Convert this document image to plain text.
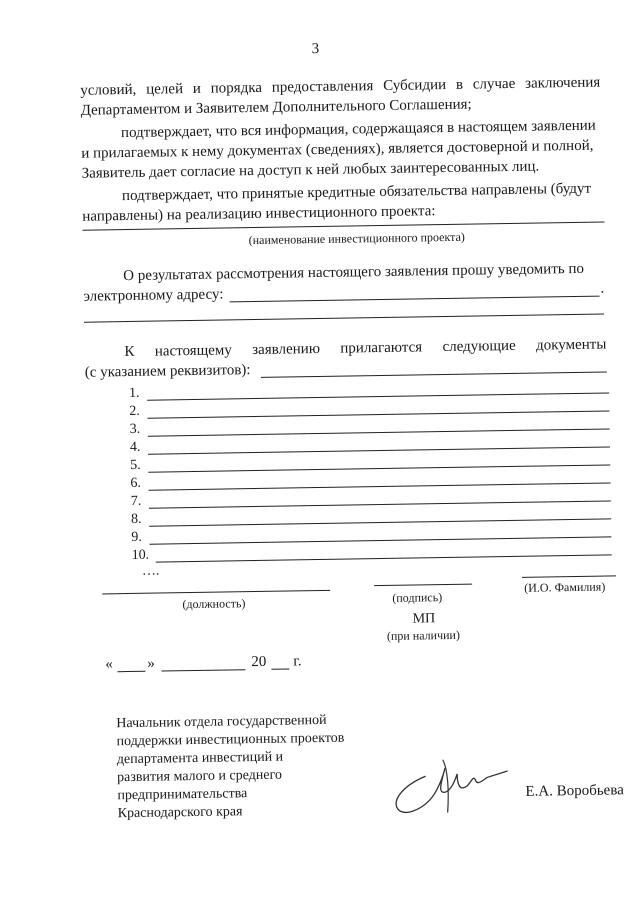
3
условий, целей и порядка предоставления Субсидии в случае заключения
Департаментом и Заявителем Дополнительного Соглашения;
подтверждает, что вся информация, содержащаяся в настоящем заявлении
и прилагаемых к нему документах (сведениях), является достоверной и полной,
Заявитель дает согласие на доступ к ней любых заинтересованных лиц.
подтверждает, что принятые кредитные обязательства направлены (будут
направлены) на реализацию инвестиционного проекта:
(наименование инвестиционного проекта)
О результатах рассмотрения настоящего заявления прошу уведомить по
электронному адресу:	.
К настоящему заявлению прилагаются следующие документы
(с указанием реквизитов):
1.
2.
3.
4.
5.
6.
7.
8.
9.
10.
….
(должность)	(подпись)
(И.О. Фамилия)
МП
(при наличии)
« »	20 г.
Начальник отдела государственной
поддержки инвестиционных проектов
департамента инвестиций и
развития малого и среднего
предпринимательства
Краснодарского края
Е.А. Воробьева
